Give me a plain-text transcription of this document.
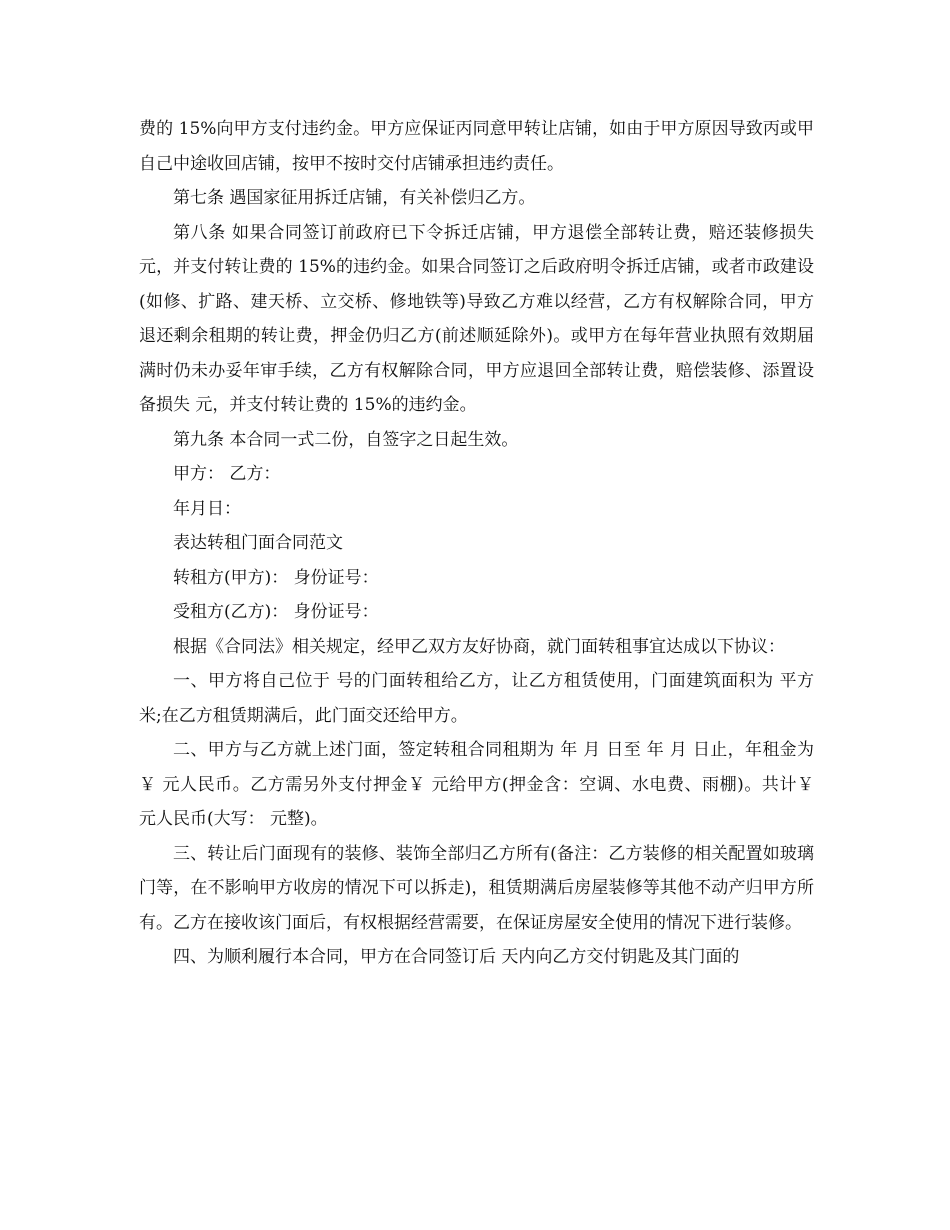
费的 15%向甲方支付违约金。甲方应保证丙同意甲转让店铺，如由于甲方原因导致丙或甲自己中途收回店铺，按甲不按时交付店铺承担违约责任。

第七条 遇国家征用拆迁店铺，有关补偿归乙方。

第八条 如果合同签订前政府已下令拆迁店铺，甲方退偿全部转让费，赔还装修损失 元，并支付转让费的 15%的违约金。如果合同签订之后政府明令拆迁店铺，或者市政建设(如修、扩路、建天桥、立交桥、修地铁等)导致乙方难以经营，乙方有权解除合同，甲方退还剩余租期的转让费，押金仍归乙方(前述顺延除外)。或甲方在每年营业执照有效期届满时仍未办妥年审手续，乙方有权解除合同，甲方应退回全部转让费，赔偿装修、添置设备损失 元，并支付转让费的 15%的违约金。

第九条 本合同一式二份，自签字之日起生效。

甲方： 乙方：

年月日：

表达转租门面合同范文

转租方(甲方)： 身份证号：

受租方(乙方)： 身份证号：

根据《合同法》相关规定，经甲乙双方友好协商，就门面转租事宜达成以下协议：

一、甲方将自己位于 号的门面转租给乙方，让乙方租赁使用，门面建筑面积为 平方米;在乙方租赁期满后，此门面交还给甲方。

二、甲方与乙方就上述门面，签定转租合同租期为 年 月 日至 年 月 日止，年租金为￥ 元人民币。乙方需另外支付押金￥ 元给甲方(押金含：空调、水电费、雨棚)。共计￥ 元人民币(大写： 元整)。

三、转让后门面现有的装修、装饰全部归乙方所有(备注：乙方装修的相关配置如玻璃门等，在不影响甲方收房的情况下可以拆走)，租赁期满后房屋装修等其他不动产归甲方所有。乙方在接收该门面后，有权根据经营需要，在保证房屋安全使用的情况下进行装修。

四、为顺利履行本合同，甲方在合同签订后 天内向乙方交付钥匙及其门面的
